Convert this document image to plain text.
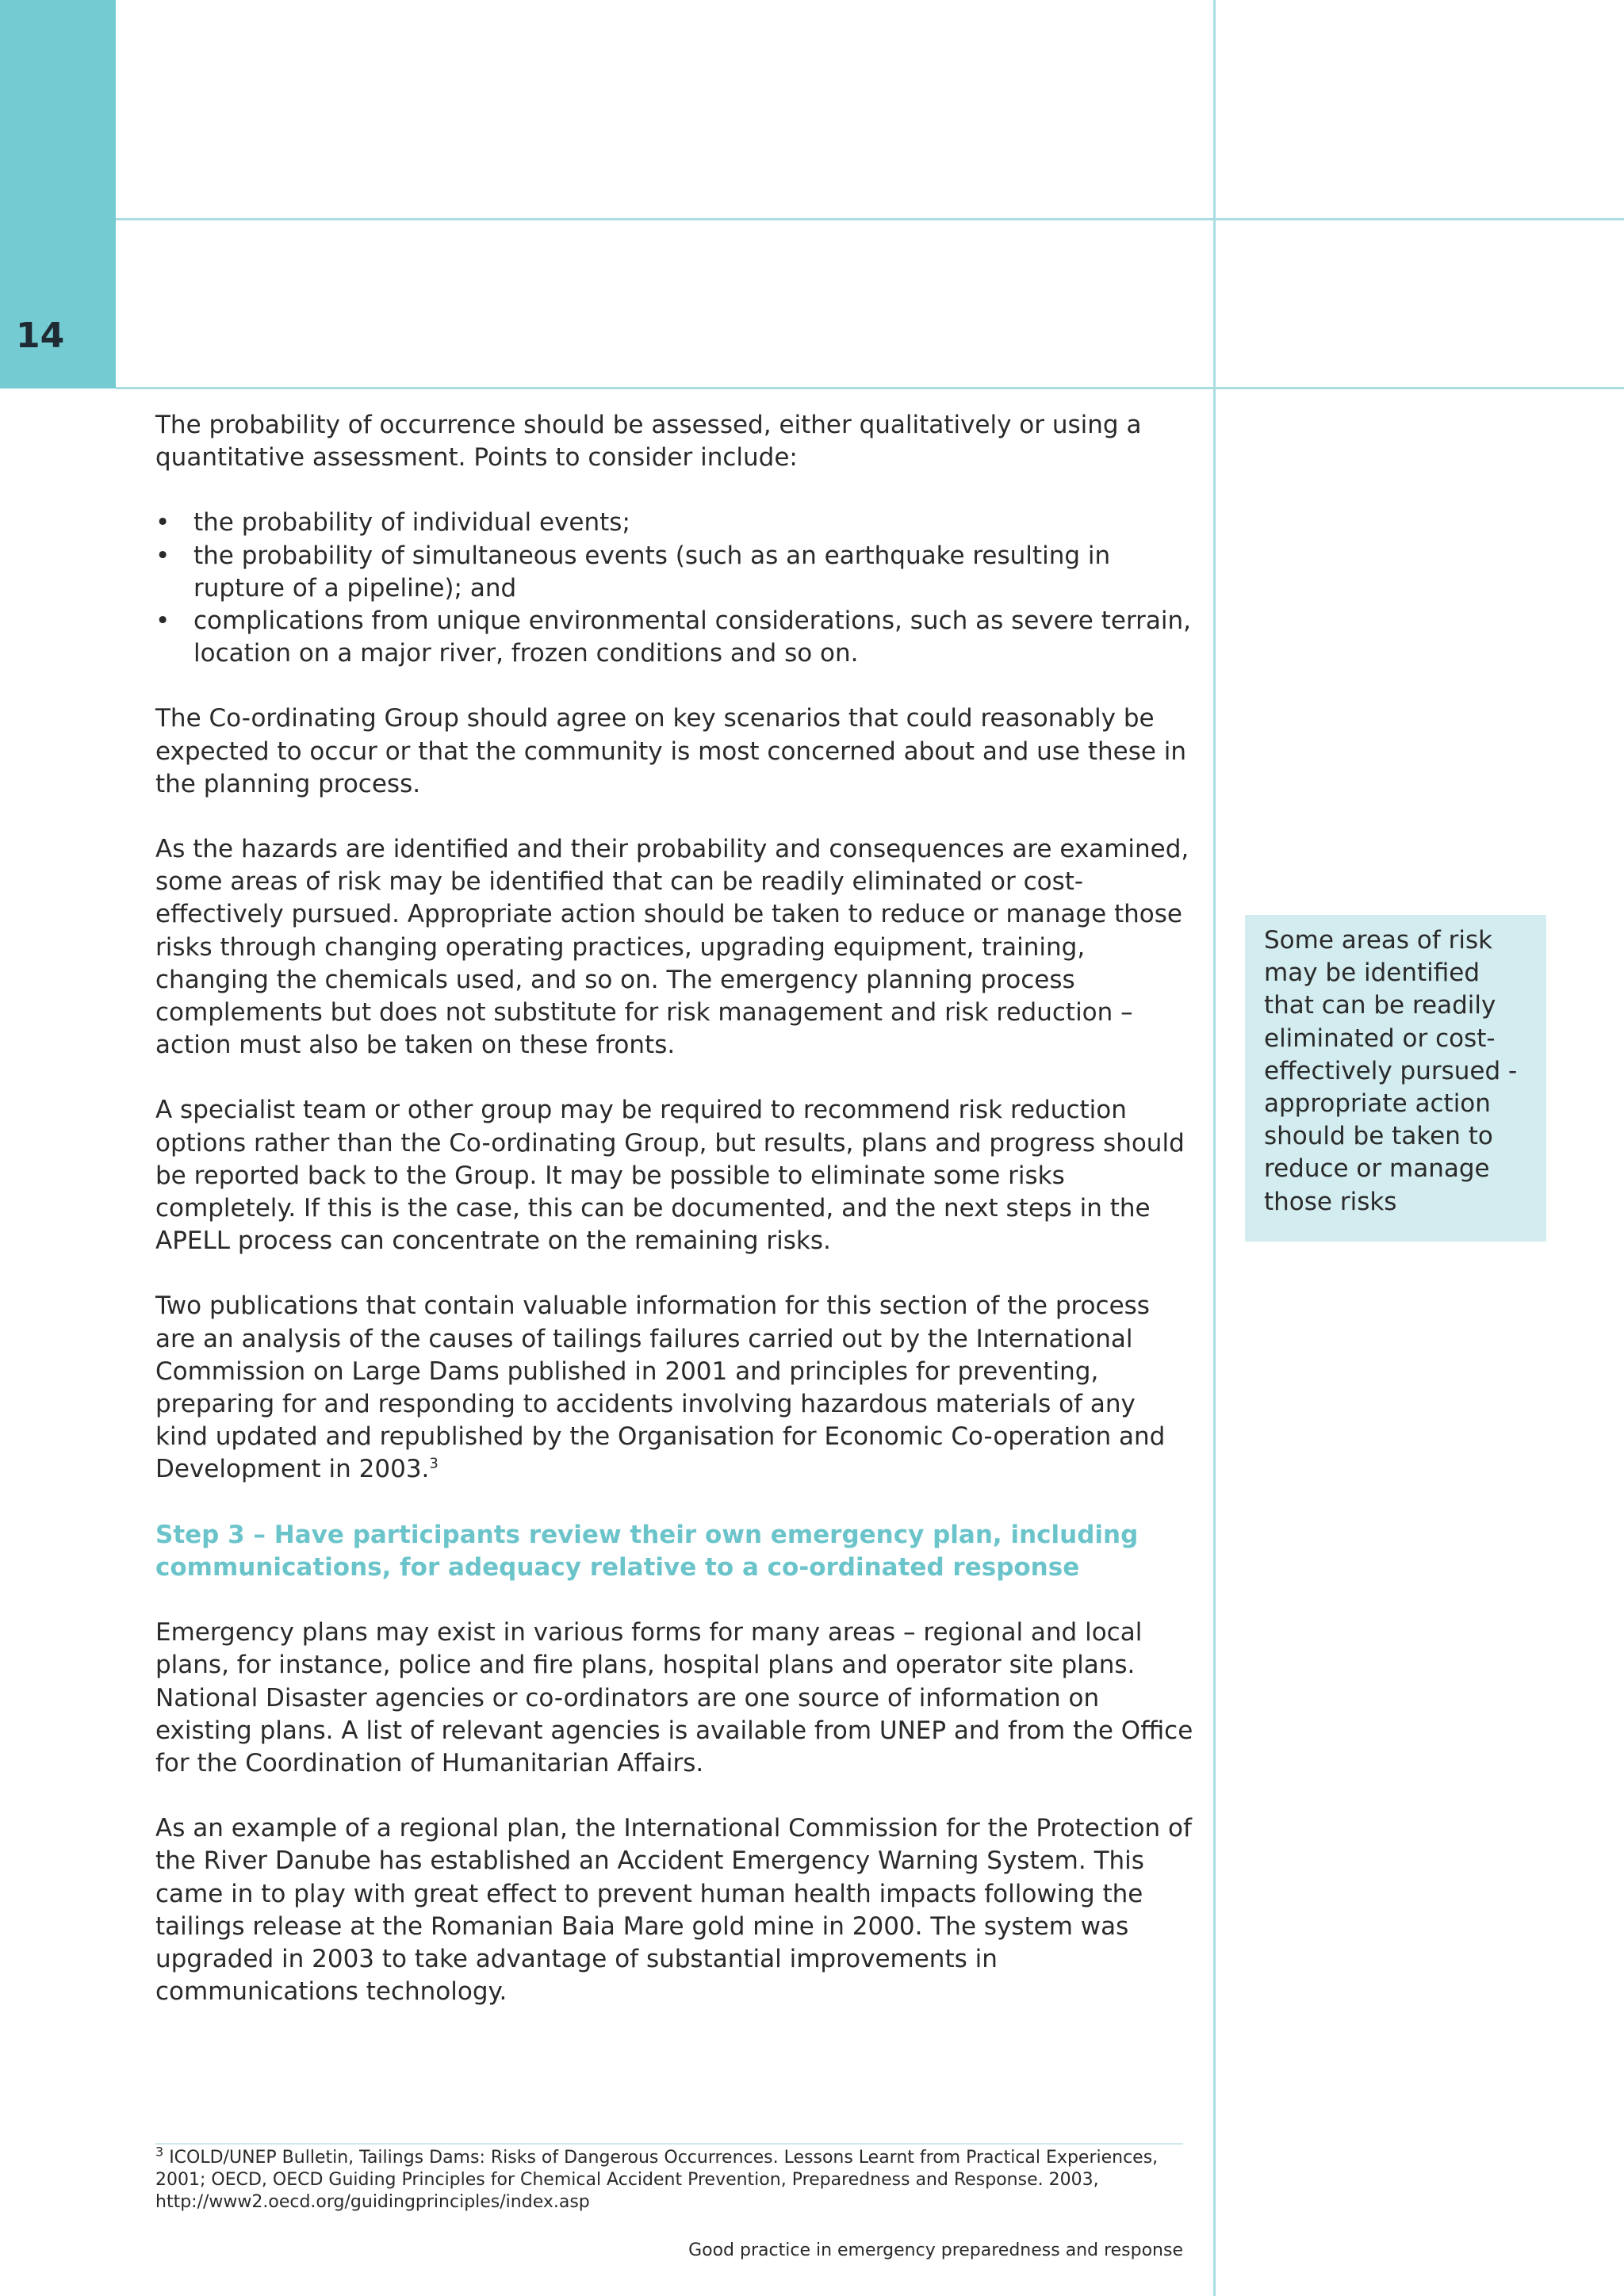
14

The probability of occurrence should be assessed, either qualitatively or using a quantitative assessment. Points to consider include:

• the probability of individual events;
• the probability of simultaneous events (such as an earthquake resulting in rupture of a pipeline); and
• complications from unique environmental considerations, such as severe terrain, location on a major river, frozen conditions and so on.

The Co-ordinating Group should agree on key scenarios that could reasonably be expected to occur or that the community is most concerned about and use these in the planning process.

As the hazards are identified and their probability and consequences are examined, some areas of risk may be identified that can be readily eliminated or cost-effectively pursued. Appropriate action should be taken to reduce or manage those risks through changing operating practices, upgrading equipment, training, changing the chemicals used, and so on. The emergency planning process complements but does not substitute for risk management and risk reduction – action must also be taken on these fronts.

A specialist team or other group may be required to recommend risk reduction options rather than the Co-ordinating Group, but results, plans and progress should be reported back to the Group. It may be possible to eliminate some risks completely. If this is the case, this can be documented, and the next steps in the APELL process can concentrate on the remaining risks.

Two publications that contain valuable information for this section of the process are an analysis of the causes of tailings failures carried out by the International Commission on Large Dams published in 2001 and principles for preventing, preparing for and responding to accidents involving hazardous materials of any kind updated and republished by the Organisation for Economic Co-operation and Development in 2003.$^3$

Step 3 – Have participants review their own emergency plan, including communications, for adequacy relative to a co-ordinated response

Emergency plans may exist in various forms for many areas – regional and local plans, for instance, police and fire plans, hospital plans and operator site plans. National Disaster agencies or co-ordinators are one source of information on existing plans. A list of relevant agencies is available from UNEP and from the Office for the Coordination of Humanitarian Affairs.

As an example of a regional plan, the International Commission for the Protection of the River Danube has established an Accident Emergency Warning System. This came in to play with great effect to prevent human health impacts following the tailings release at the Romanian Baia Mare gold mine in 2000. The system was upgraded in 2003 to take advantage of substantial improvements in communications technology.

Some areas of risk may be identified that can be readily eliminated or cost-effectively pursued - appropriate action should be taken to reduce or manage those risks
$^3$ ICOLD/UNEP Bulletin, Tailings Dams: Risks of Dangerous Occurrences. Lessons Learnt from Practical Experiences, 2001; OECD, OECD Guiding Principles for Chemical Accident Prevention, Preparedness and Response. 2003, http://www2.oecd.org/guidingprinciples/index.asp
Good practice in emergency preparedness and response
